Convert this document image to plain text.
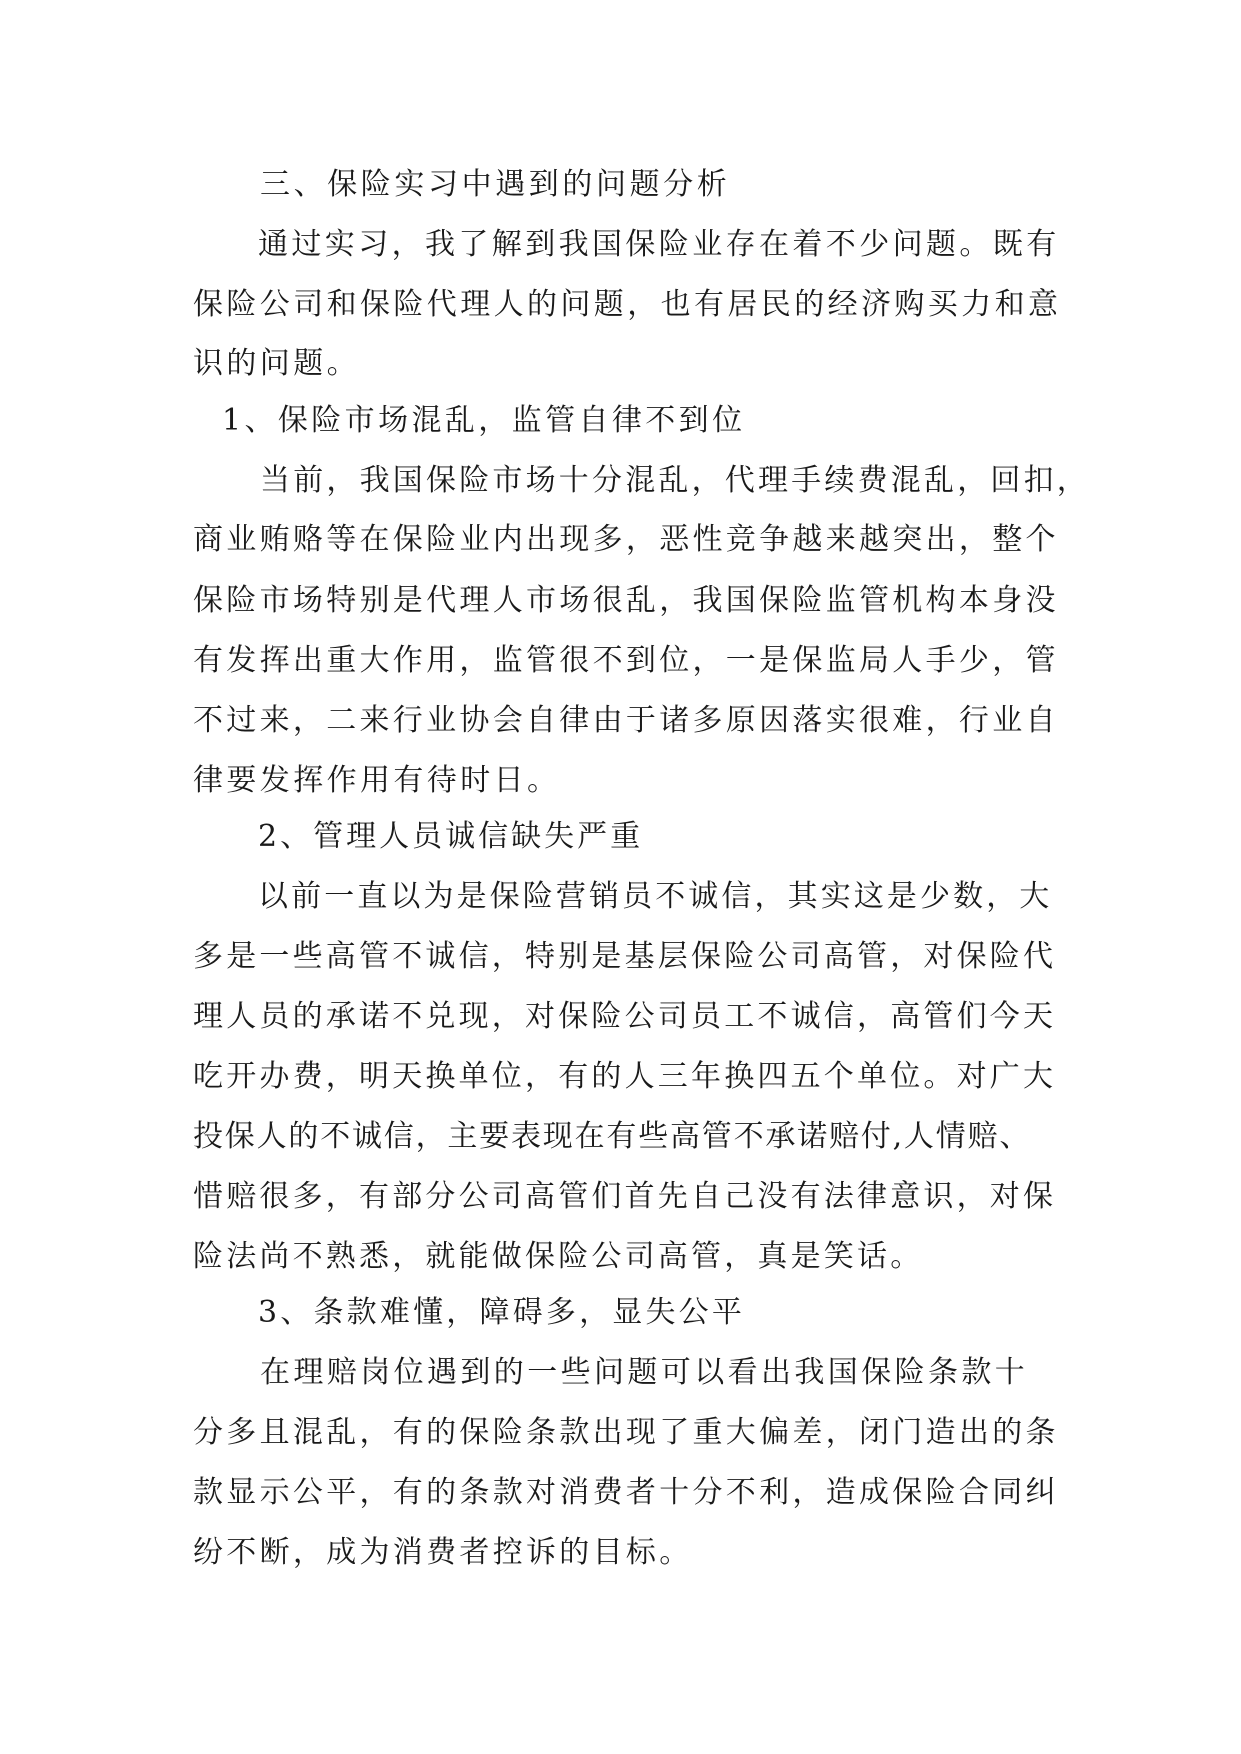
三、保险实习中遇到的问题分析
通过实习，我了解到我国保险业存在着不少问题。既有
保险公司和保险代理人的问题，也有居民的经济购买力和意
识的问题。
1、保险市场混乱，监管自律不到位
当前，我国保险市场十分混乱，代理手续费混乱，回扣，
商业贿赂等在保险业内出现多，恶性竞争越来越突出，整个
保险市场特别是代理人市场很乱，我国保险监管机构本身没
有发挥出重大作用，监管很不到位，一是保监局人手少，管
不过来，二来行业协会自律由于诸多原因落实很难，行业自
律要发挥作用有待时日。
2、管理人员诚信缺失严重
以前一直以为是保险营销员不诚信，其实这是少数，大
多是一些高管不诚信，特别是基层保险公司高管，对保险代
理人员的承诺不兑现，对保险公司员工不诚信，高管们今天
吃开办费，明天换单位，有的人三年换四五个单位。对广大
投保人的不诚信，主要表现在有些高管不承诺赔付,人情赔、
惜赔很多，有部分公司高管们首先自己没有法律意识，对保
险法尚不熟悉，就能做保险公司高管，真是笑话。
3、条款难懂，障碍多，显失公平
在理赔岗位遇到的一些问题可以看出我国保险条款十
分多且混乱，有的保险条款出现了重大偏差，闭门造出的条
款显示公平，有的条款对消费者十分不利，造成保险合同纠
纷不断，成为消费者控诉的目标。
